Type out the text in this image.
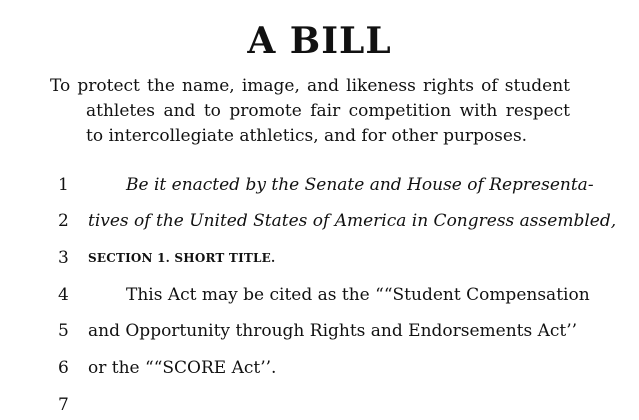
A BILL
To protect the name, image, and likeness rights of student athletes and to promote fair competition with respect to intercollegiate athletics, and for other purposes.
1	Be it enacted by the Senate and House of Representa-
2	tives of the United States of America in Congress assembled,
3	SECTION 1. SHORT TITLE.
4	This Act may be cited as the ““Student Compensation
5	and Opportunity through Rights and Endorsements Act’’
6	or the ““SCORE Act’’.
7
